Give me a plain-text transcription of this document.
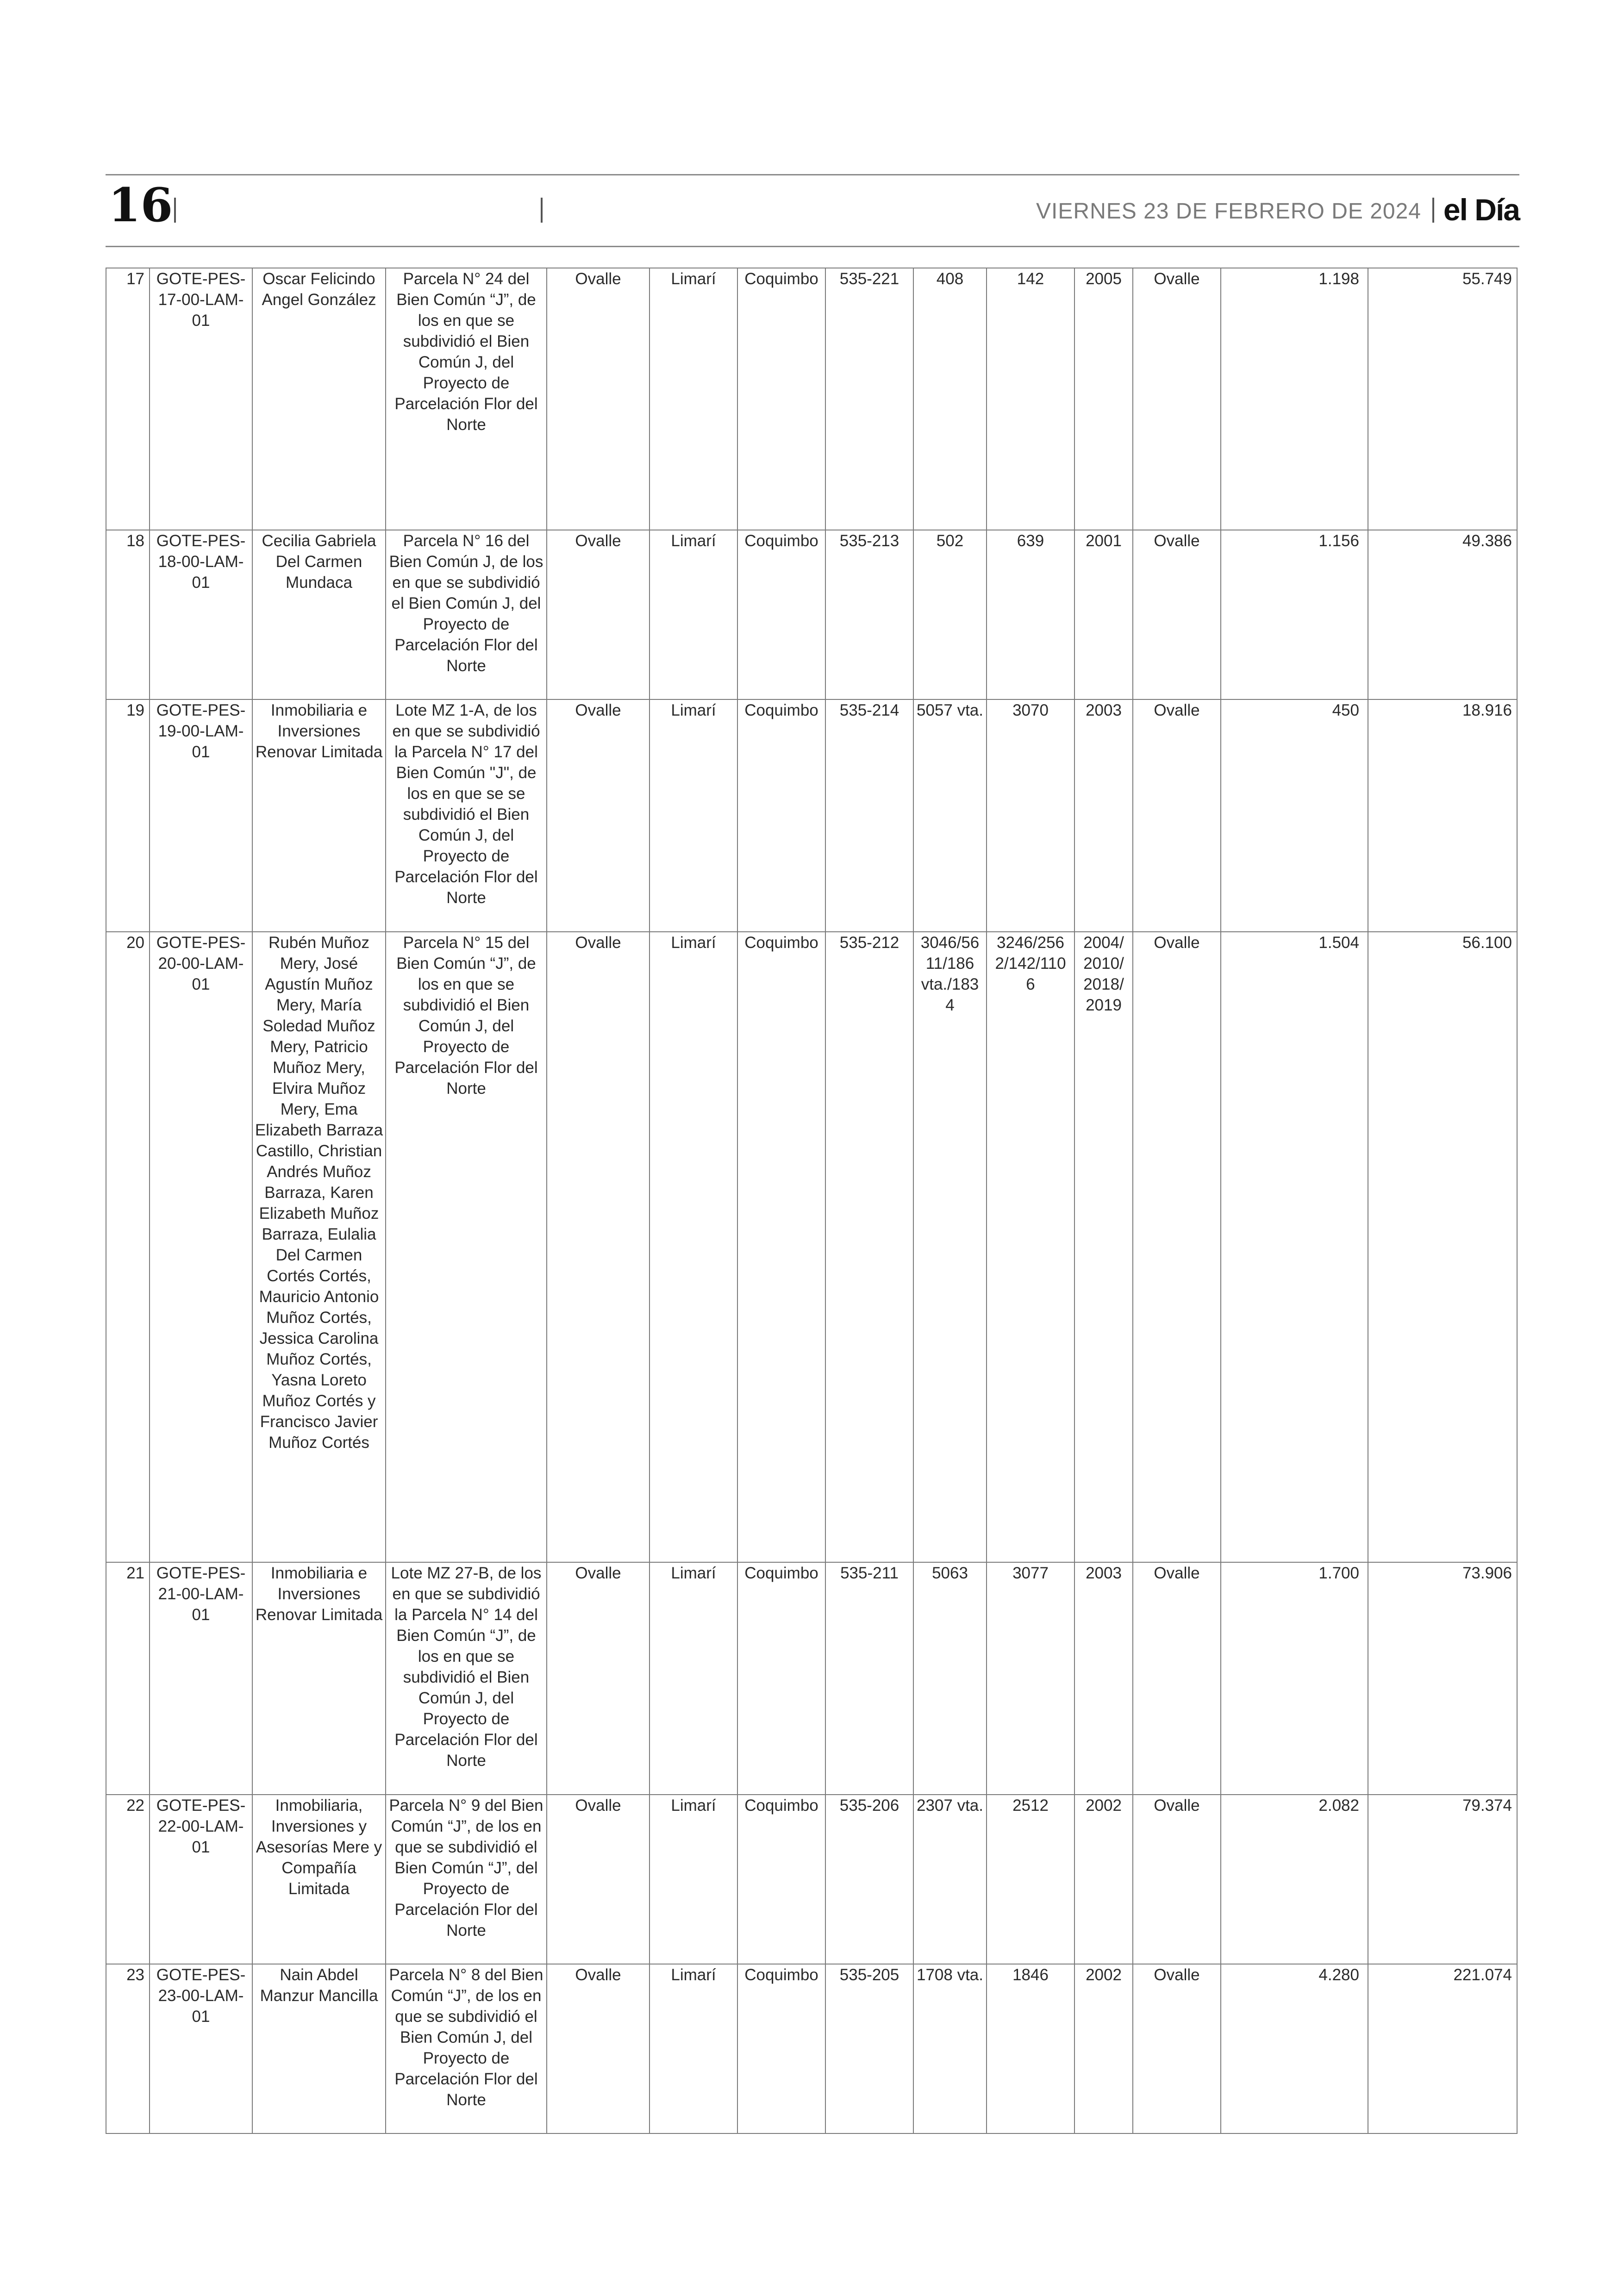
16	VIERNES 23 DE FEBRERO DE 2024 el Día
17	GOTE-PES-17-00-LAM-01	Oscar Felicindo Angel González	Parcela N° 24 del Bien Común “J”, de los en que se subdividió el Bien Común J, del Proyecto de Parcelación Flor del Norte	Ovalle	Limarí	Coquimbo	535-221	408	142	2005	Ovalle	1.198	55.749
18	GOTE-PES-18-00-LAM-01	Cecilia Gabriela Del Carmen Mundaca	Parcela N° 16 del Bien Común J, de los en que se subdividió el Bien Común J, del Proyecto de Parcelación Flor del Norte	Ovalle	Limarí	Coquimbo	535-213	502	639	2001	Ovalle	1.156	49.386
19	GOTE-PES-19-00-LAM-01	Inmobiliaria e Inversiones Renovar Limitada	Lote MZ 1-A, de los en que se subdividió la Parcela N° 17 del Bien Común "J", de los en que se se subdividió el Bien Común J, del Proyecto de Parcelación Flor del Norte	Ovalle	Limarí	Coquimbo	535-214	5057 vta.	3070	2003	Ovalle	450	18.916
20	GOTE-PES-20-00-LAM-01	Rubén Muñoz Mery, José Agustín Muñoz Mery, María Soledad Muñoz Mery, Patricio Muñoz Mery, Elvira Muñoz Mery, Ema Elizabeth Barraza Castillo, Christian Andrés Muñoz Barraza, Karen Elizabeth Muñoz Barraza, Eulalia Del Carmen Cortés Cortés, Mauricio Antonio Muñoz Cortés, Jessica Carolina Muñoz Cortés, Yasna Loreto Muñoz Cortés y Francisco Javier Muñoz Cortés	Parcela N° 15 del Bien Común “J”, de los en que se subdividió el Bien Común J, del Proyecto de Parcelación Flor del Norte	Ovalle	Limarí	Coquimbo	535-212	3046/56 11/186 vta./183 4	3246/256 2/142/110 6	2004/ 2010/ 2018/ 2019	Ovalle	1.504	56.100
21	GOTE-PES-21-00-LAM-01	Inmobiliaria e Inversiones Renovar Limitada	Lote MZ 27-B, de los en que se subdividió la Parcela N° 14 del Bien Común “J”, de los en que se subdividió el Bien Común J, del Proyecto de Parcelación Flor del Norte	Ovalle	Limarí	Coquimbo	535-211	5063	3077	2003	Ovalle	1.700	73.906
22	GOTE-PES-22-00-LAM-01	Inmobiliaria, Inversiones y Asesorías Mere y Compañía Limitada	Parcela N° 9 del Bien Común “J”, de los en que se subdividió el Bien Común “J”, del Proyecto de Parcelación Flor del Norte	Ovalle	Limarí	Coquimbo	535-206	2307 vta.	2512	2002	Ovalle	2.082	79.374
23	GOTE-PES-23-00-LAM-01	Nain Abdel Manzur Mancilla	Parcela N° 8 del Bien Común “J”, de los en que se subdividió el Bien Común J, del Proyecto de Parcelación Flor del Norte	Ovalle	Limarí	Coquimbo	535-205	1708 vta.	1846	2002	Ovalle	4.280	221.074
